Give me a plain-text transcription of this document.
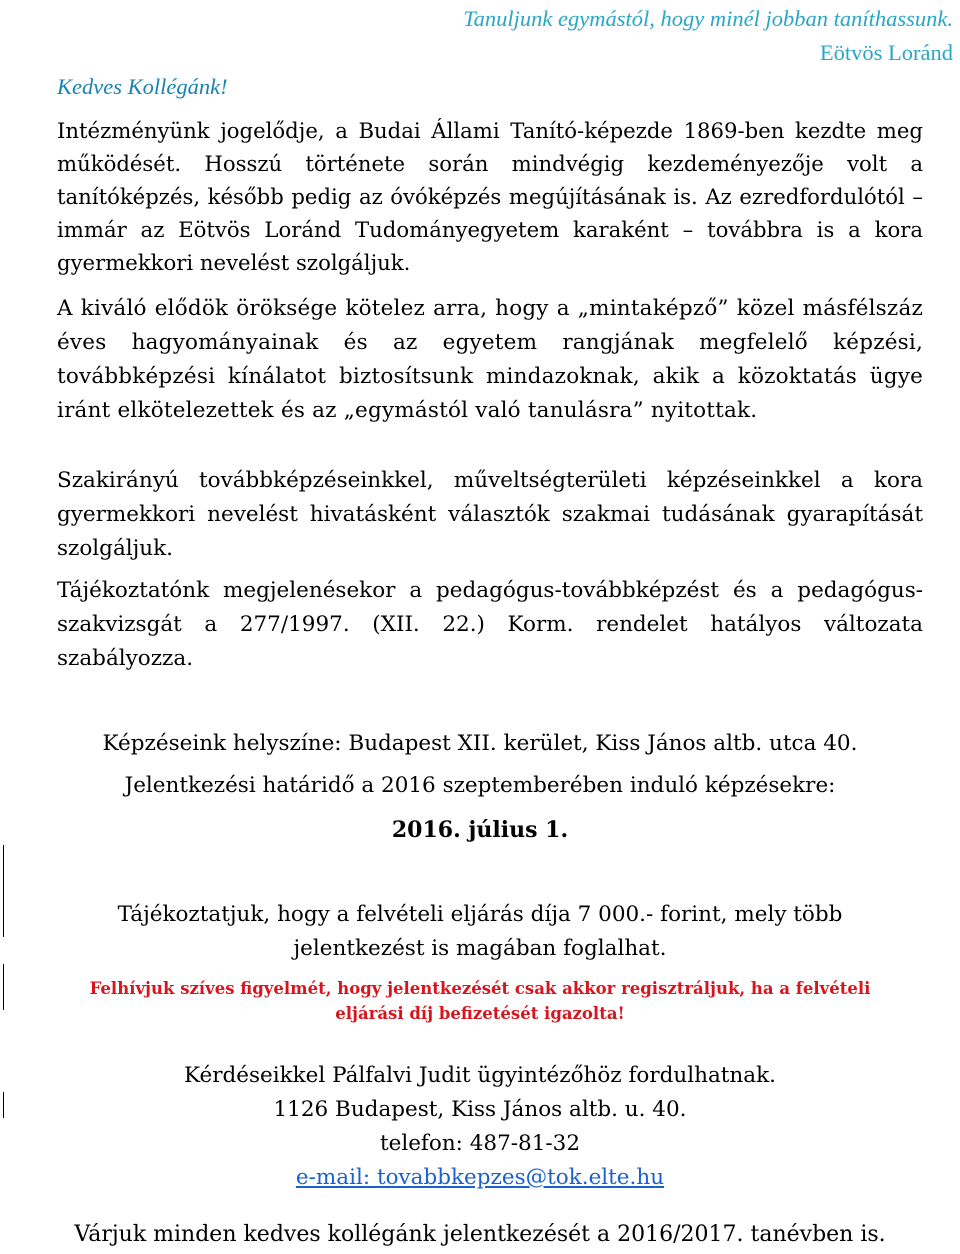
Tanuljunk egymástól, hogy minél jobban taníthassunk.
Eötvös Loránd

Kedves Kollégánk!

Intézményünk jogelődje, a Budai Állami Tanító-képezde 1869-ben kezdte meg működését. Hosszú története során mindvégig kezdeményezője volt a tanítóképzés, később pedig az óvóképzés megújításának is. Az ezredfordulótól – immár az Eötvös Loránd Tudományegyetem karaként – továbbra is a kora gyermekkori nevelést szolgáljuk.

A kiváló elődök öröksége kötelez arra, hogy a „mintaképző” közel másfélszáz éves hagyományainak és az egyetem rangjának megfelelő képzési, továbbképzési kínálatot biztosítsunk mindazoknak, akik a közoktatás ügye iránt elkötelezettek és az „egymástól való tanulásra” nyitottak.

Szakirányú továbbképzéseinkkel, műveltségterületi képzéseinkkel a kora gyermekkori nevelést hivatásként választók szakmai tudásának gyarapítását szolgáljuk.

Tájékoztatónk megjelenésekor a pedagógus-továbbképzést és a pedagógus-szakvizsgát a 277/1997. (XII. 22.) Korm. rendelet hatályos változata szabályozza.

Képzéseink helyszíne: Budapest XII. kerület, Kiss János altb. utca 40.

Jelentkezési határidő a 2016 szeptemberében induló képzésekre:

2016. július 1.

Tájékoztatjuk, hogy a felvételi eljárás díja 7 000.- forint, mely több
jelentkezést is magában foglalhat.
Felhívjuk szíves figyelmét, hogy jelentkezését csak akkor regisztráljuk, ha a felvételi
eljárási díj befizetését igazolta!
Kérdéseikkel Pálfalvi Judit ügyintézőhöz fordulhatnak.
1126 Budapest, Kiss János altb. u. 40.
telefon: 487-81-32
e-mail: tovabbkepzes@tok.elte.hu

Várjuk minden kedves kollégánk jelentkezését a 2016/2017. tanévben is.
